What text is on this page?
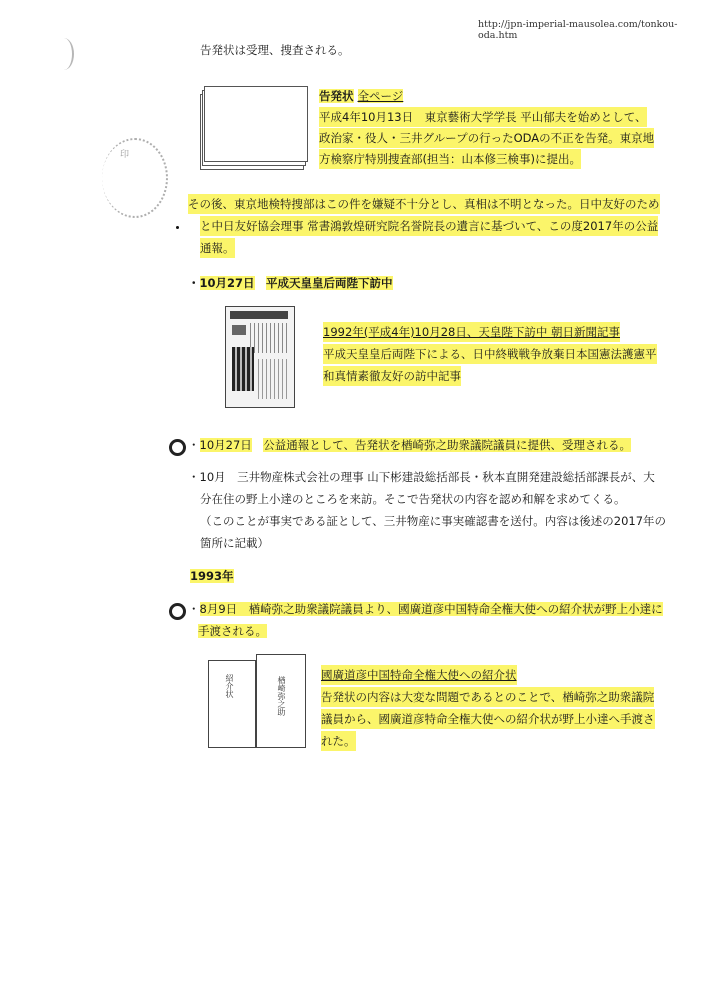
http://jpn-imperial-mausolea.com/tonkou-oda.htm
印
告発状は受理、捜査される。
告発状 全ページ
平成4年10月13日　東京藝術大学学長 平山郁夫を始めとして、
政治家・役人・三井グループの行ったODAの不正を告発。東京地
方検察庁特別捜査部(担当：山本修三検事)に提出。
その後、東京地検特捜部はこの件を嫌疑不十分とし、真相は不明となった。日中友好のため
と中日友好協会理事 常書鴻敦煌研究院名誉院長の遺言に基づいて、この度2017年の公益
通報。
・10月27日　 平成天皇皇后両陛下訪中
1992年(平成4年)10月28日、天皇陛下訪中 朝日新聞記事
平成天皇皇后両陛下による、日中終戦戦争放棄日本国憲法護憲平
和真情素徹友好の訪中記事
・10月27日　 公益通報として、告発状を楢崎弥之助衆議院議員に提供、受理される。
・10月　三井物産株式会社の理事 山下彬建設総括部長・秋本直開発建設総括部課長が、大
分在住の野上小達のところを来訪。そこで告発状の内容を認め和解を求めてくる。
（このことが事実である証として、三井物産に事実確認書を送付。内容は後述の2017年の
箇所に記載）
1993年
・8月9日　楢崎弥之助衆議院議員より、國廣道彦中国特命全権大使への紹介状が野上小達に
手渡される。
紹介状	楢崎弥之助
國廣道彦中国特命全権大使への紹介状
告発状の内容は大変な問題であるとのことで、楢崎弥之助衆議院
議員から、國廣道彦特命全権大使への紹介状が野上小達へ手渡さ
れた。
